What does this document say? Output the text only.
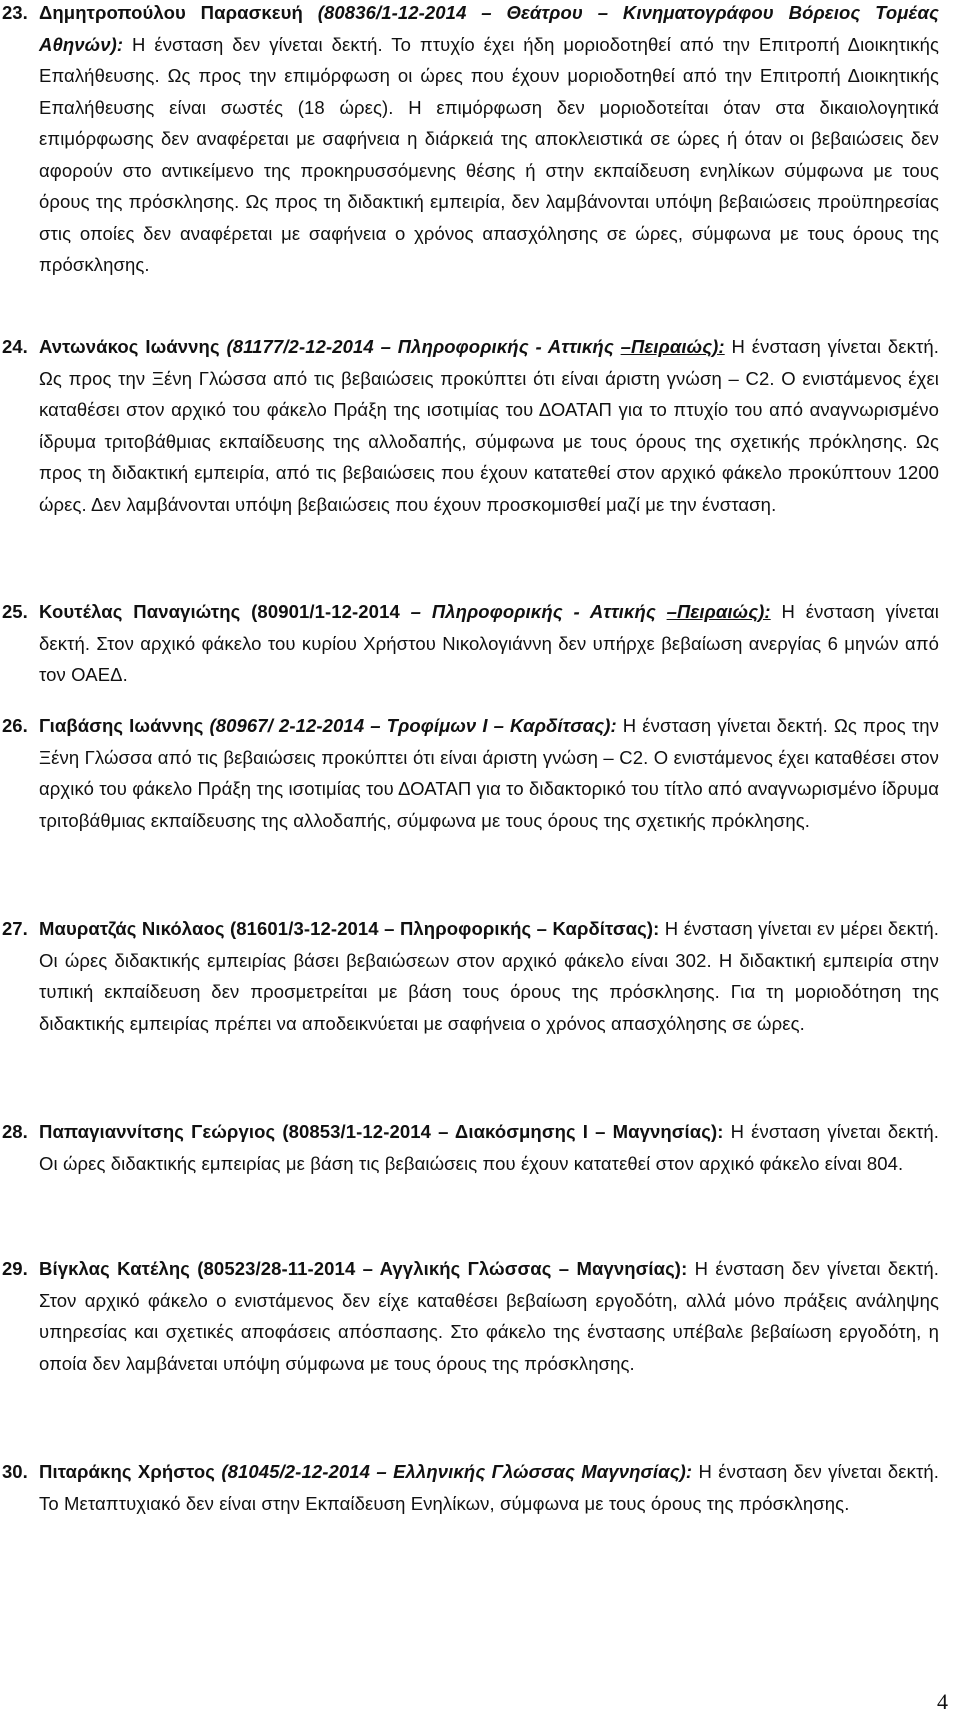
23. Δημητροπούλου Παρασκευή (80836/1-12-2014 – Θεάτρου – Κινηματογράφου Βόρειος Τομέας Αθηνών): Η ένσταση δεν γίνεται δεκτή. Το πτυχίο έχει ήδη μοριοδοτηθεί από την Επιτροπή Διοικητικής Επαλήθευσης. Ως προς την επιμόρφωση οι ώρες που έχουν μοριοδοτηθεί από την Επιτροπή Διοικητικής Επαλήθευσης είναι σωστές (18 ώρες). Η επιμόρφωση δεν μοριοδοτείται όταν στα δικαιολογητικά επιμόρφωσης δεν αναφέρεται με σαφήνεια η διάρκειά της αποκλειστικά σε ώρες ή όταν οι βεβαιώσεις δεν αφορούν στο αντικείμενο της προκηρυσσόμενης θέσης ή στην εκπαίδευση ενηλίκων σύμφωνα με τους όρους της πρόσκλησης. Ως προς τη διδακτική εμπειρία, δεν λαμβάνονται υπόψη βεβαιώσεις προϋπηρεσίας στις οποίες δεν αναφέρεται με σαφήνεια ο χρόνος απασχόλησης σε ώρες, σύμφωνα με τους όρους της πρόσκλησης.
24. Αντωνάκος Ιωάννης (81177/2-12-2014 – Πληροφορικής - Αττικής –Πειραιώς): Η ένσταση γίνεται δεκτή. Ως προς την Ξένη Γλώσσα από τις βεβαιώσεις προκύπτει ότι είναι άριστη γνώση – C2. Ο ενιστάμενος έχει καταθέσει στον αρχικό του φάκελο Πράξη της ισοτιμίας του ΔΟΑΤΑΠ για το πτυχίο του από αναγνωρισμένο ίδρυμα τριτοβάθμιας εκπαίδευσης της αλλοδαπής, σύμφωνα με τους όρους της σχετικής πρόκλησης. Ως προς τη διδακτική εμπειρία, από τις βεβαιώσεις που έχουν κατατεθεί στον αρχικό φάκελο προκύπτουν 1200 ώρες. Δεν λαμβάνονται υπόψη βεβαιώσεις που έχουν προσκομισθεί μαζί με την ένσταση.
25. Κουτέλας Παναγιώτης (80901/1-12-2014 – Πληροφορικής - Αττικής –Πειραιώς): Η ένσταση γίνεται δεκτή. Στον αρχικό φάκελο του κυρίου Χρήστου Νικολογιάννη δεν υπήρχε βεβαίωση ανεργίας 6 μηνών από τον ΟΑΕΔ.
26. Γιαβάσης Ιωάννης (80967/ 2-12-2014 – Τροφίμων Ι – Καρδίτσας): Η ένσταση γίνεται δεκτή. Ως προς την Ξένη Γλώσσα από τις βεβαιώσεις προκύπτει ότι είναι άριστη γνώση – C2. Ο ενιστάμενος έχει καταθέσει στον αρχικό του φάκελο Πράξη της ισοτιμίας του ΔΟΑΤΑΠ για το διδακτορικό του τίτλο από αναγνωρισμένο ίδρυμα τριτοβάθμιας εκπαίδευσης της αλλοδαπής, σύμφωνα με τους όρους της σχετικής πρόκλησης.
27. Μαυρατζάς Νικόλαος (81601/3-12-2014 – Πληροφορικής – Καρδίτσας): Η ένσταση γίνεται εν μέρει δεκτή. Οι ώρες διδακτικής εμπειρίας βάσει βεβαιώσεων στον αρχικό φάκελο είναι 302. Η διδακτική εμπειρία στην τυπική εκπαίδευση δεν προσμετρείται με βάση τους όρους της πρόσκλησης. Για τη μοριοδότηση της διδακτικής εμπειρίας πρέπει να αποδεικνύεται με σαφήνεια ο χρόνος απασχόλησης σε ώρες.
28. Παπαγιαννίτσης Γεώργιος (80853/1-12-2014 – Διακόσμησης Ι – Μαγνησίας): Η ένσταση γίνεται δεκτή. Οι ώρες διδακτικής εμπειρίας με βάση τις βεβαιώσεις που έχουν κατατεθεί στον αρχικό φάκελο είναι 804.
29. Βίγκλας Κατέλης (80523/28-11-2014 – Αγγλικής Γλώσσας – Μαγνησίας): Η ένσταση δεν γίνεται δεκτή. Στον αρχικό φάκελο ο ενιστάμενος δεν είχε καταθέσει βεβαίωση εργοδότη, αλλά μόνο πράξεις ανάληψης υπηρεσίας και σχετικές αποφάσεις απόσπασης. Στο φάκελο της ένστασης υπέβαλε βεβαίωση εργοδότη, η οποία δεν λαμβάνεται υπόψη σύμφωνα με τους όρους της πρόσκλησης.
30. Πιταράκης Χρήστος (81045/2-12-2014 – Ελληνικής Γλώσσας Μαγνησίας): Η ένσταση δεν γίνεται δεκτή. Το Μεταπτυχιακό δεν είναι στην Εκπαίδευση Ενηλίκων, σύμφωνα με τους όρους της πρόσκλησης.
4
